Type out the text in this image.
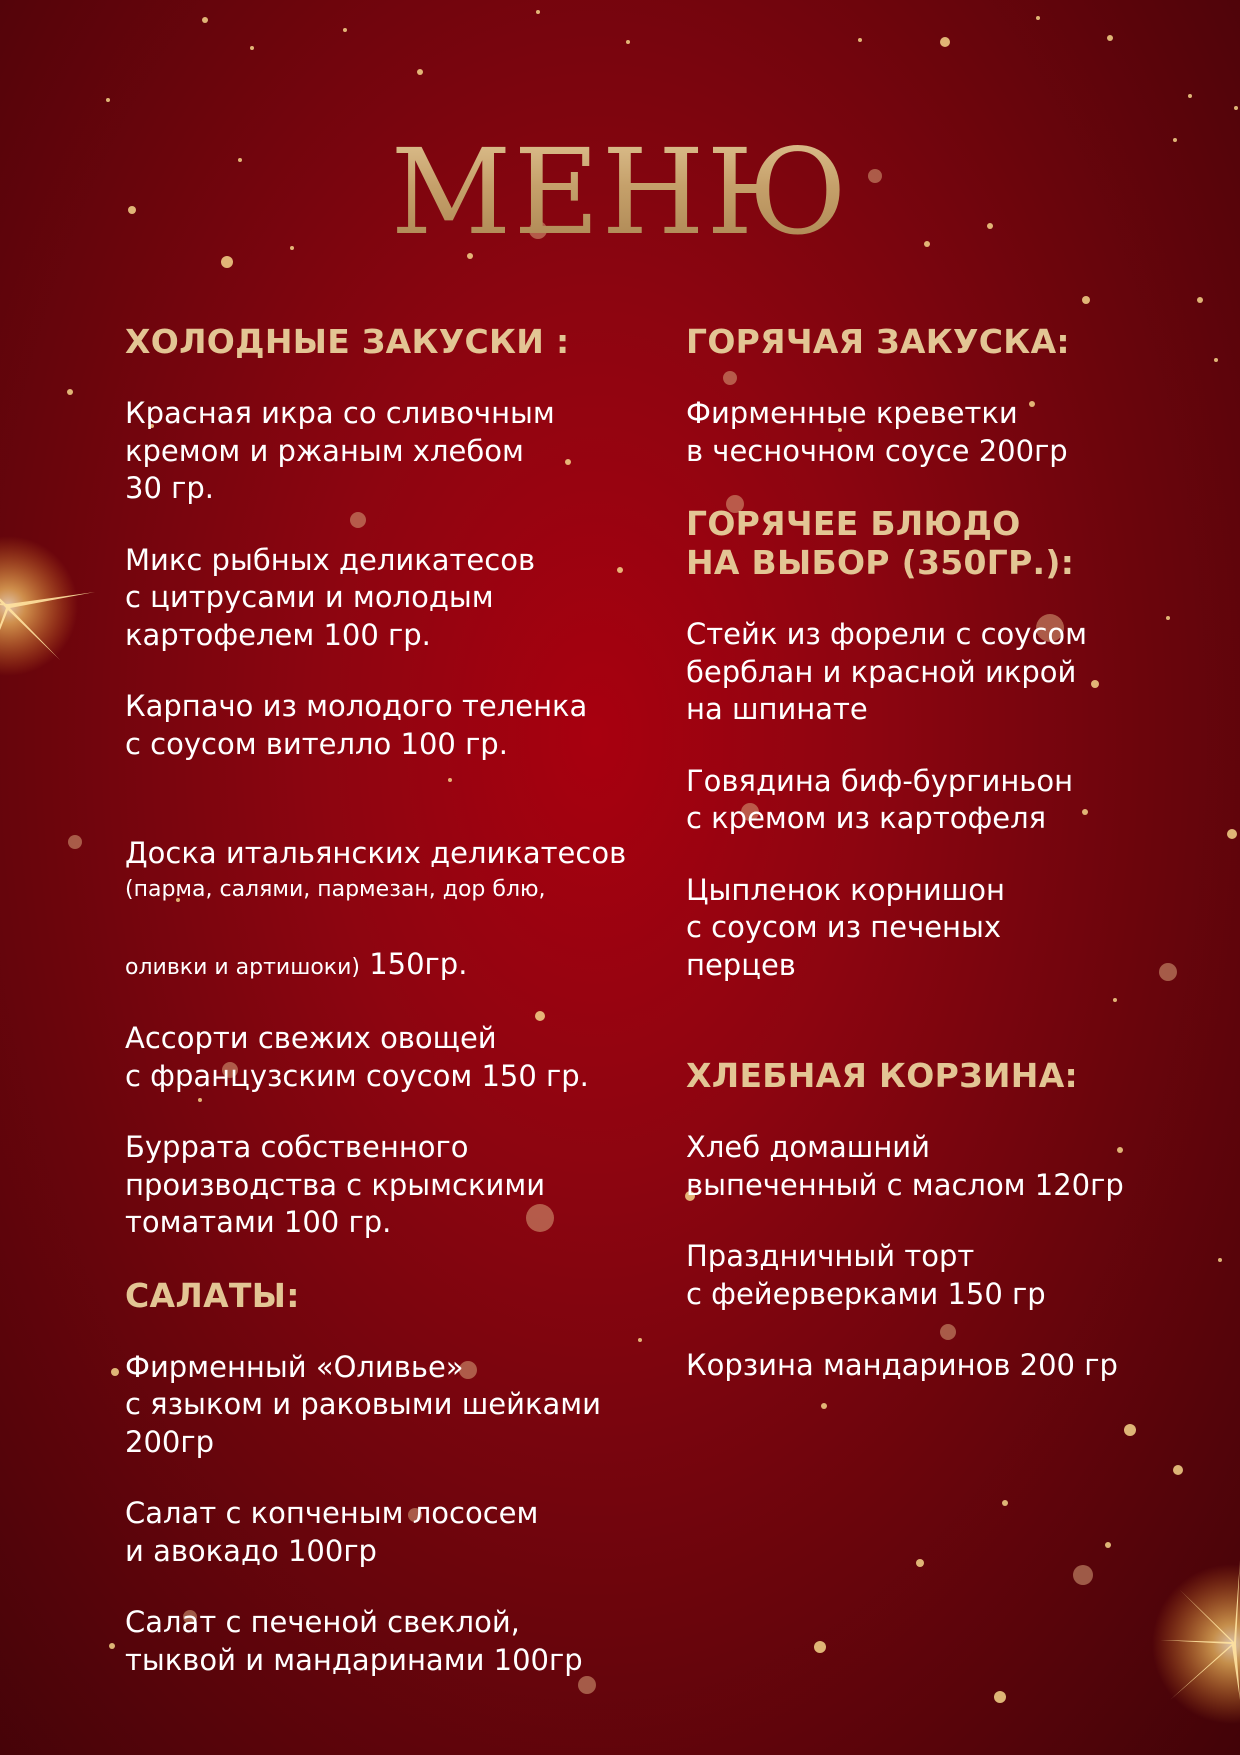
МЕНЮ
ХОЛОДНЫЕ ЗАКУСКИ :
Красная икра со сливочным
кремом и ржаным хлебом
30 гр.
Микс рыбных деликатесов
с цитрусами и молодым
картофелем 100 гр.
Карпачо из молодого теленка
с соусом вителло 100 гр.

Доска итальянских деликатесов

(парма, салями, пармезан, дор блю,

оливки и артишоки) 150гр.

Ассорти свежих овощей
с французским соусом 150 гр.
Буррата собственного
производства с крымскими
томатами 100 гр.
САЛАТЫ:
Фирменный «Оливье»
с языком и раковыми шейками
200гр
Салат с копченым лососем
и авокадо 100гр
Салат с печеной свеклой,
тыквой и мандаринами 100гр
ГОРЯЧАЯ ЗАКУСКА:
Фирменные креветки
в чесночном соусе 200гр
ГОРЯЧЕЕ БЛЮДО
НА ВЫБОР (350ГР.):
Стейк из форели с соусом
берблан и красной икрой
на шпинате
Говядина биф-бургиньон
с кремом из картофеля
Цыпленок корнишон
с соусом из печеных
перцев
ХЛЕБНАЯ КОРЗИНА:
Хлеб домашний
выпеченный с маслом 120гр
Праздничный торт
с фейерверками 150 гр
Корзина мандаринов 200 гр
